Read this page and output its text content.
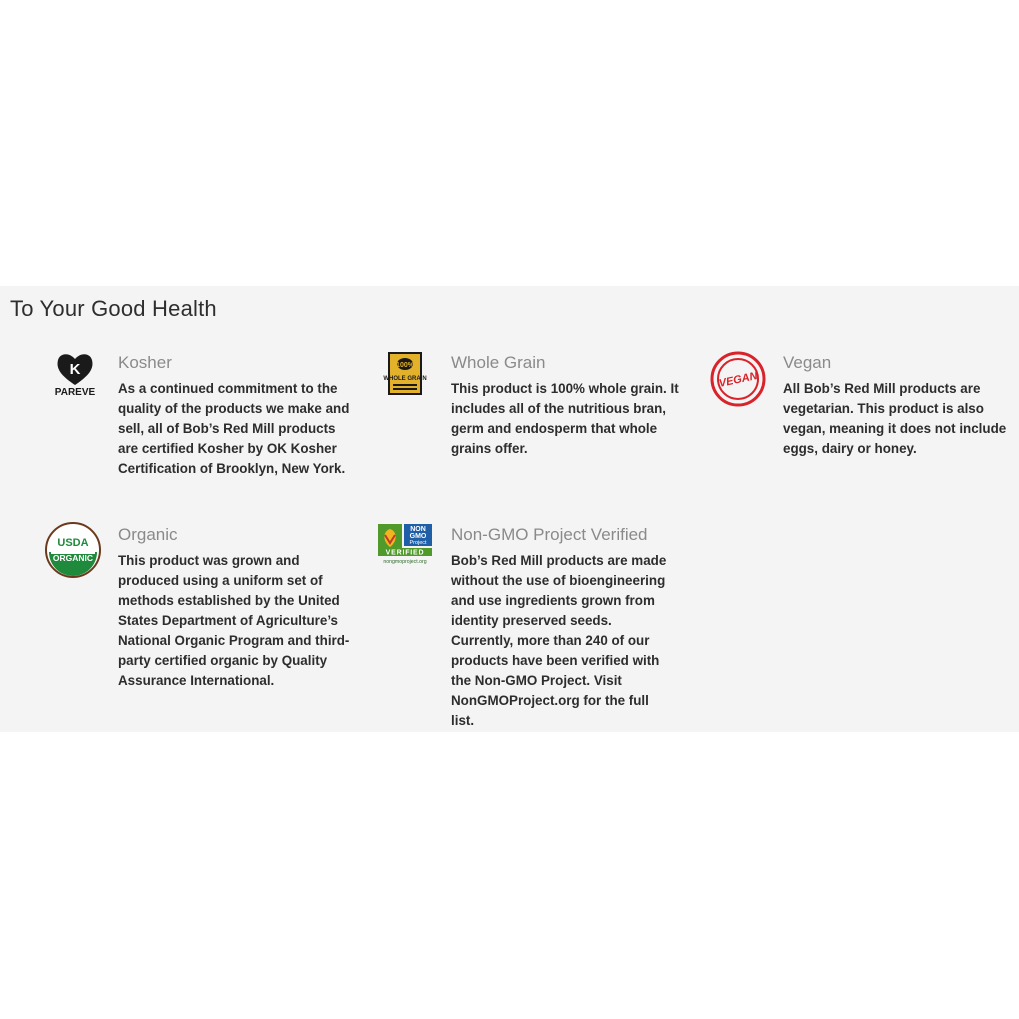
To Your Good Health
K
PAREVE
Kosher

As a continued commitment to the quality of the products we make and sell, all of Bob’s Red Mill products are certified Kosher by OK Kosher Certification of Brooklyn, New York.

100%
WHOLE GRAIN
Whole Grain

This product is 100% whole grain. It includes all of the nutritious bran, germ and endosperm that whole grains offer.

VEGAN
Vegan

All Bob’s Red Mill products are vegetarian. This product is also vegan, meaning it does not include eggs, dairy or honey.

USDA
ORGANIC
Organic

This product was grown and produced using a uniform set of methods established by the United States Department of Agriculture’s National Organic Program and third-party certified organic by Quality Assurance International.

NON
GMO
Project
VERIFIED
nongmoproject.org
Non-GMO Project Verified

Bob’s Red Mill products are made without the use of bioengineering and use ingredients grown from identity preserved seeds. Currently, more than 240 of our products have been verified with the Non-GMO Project. Visit NonGMOProject.org for the full list.
